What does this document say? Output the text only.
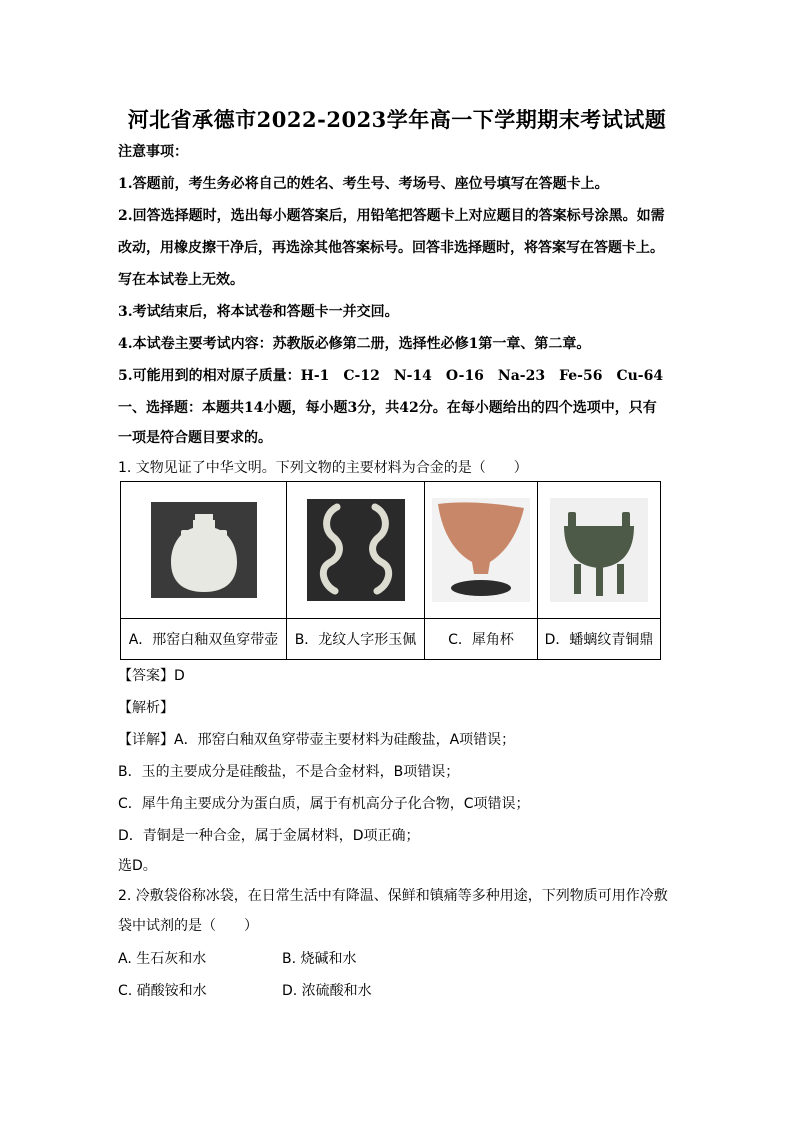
河北省承德市2022-2023学年高一下学期期末考试试题
注意事项：
1.答题前，考生务必将自己的姓名、考生号、考场号、座位号填写在答题卡上。
2.回答选择题时，选出每小题答案后，用铅笔把答题卡上对应题目的答案标号涂黑。如需
改动，用橡皮擦干净后，再选涂其他答案标号。回答非选择题时，将答案写在答题卡上。
写在本试卷上无效。
3.考试结束后，将本试卷和答题卡一并交回。
4.本试卷主要考试内容：苏教版必修第二册，选择性必修1第一章、第二章。
5.可能用到的相对原子质量：H-1　C-12　N-14　O-16　Na-23　Fe-56　Cu-64
一、选择题：本题共14小题，每小题3分，共42分。在每小题给出的四个选项中，只有
一项是符合题目要求的。
1. 文物见证了中华文明。下列文物的主要材料为合金的是（　　）

A．邢窑白釉双鱼穿带壶	B．龙纹人字形玉佩	C．犀角杯	D．蟠螭纹青铜鼎
【答案】D
【解析】
【详解】A．邢窑白釉双鱼穿带壶主要材料为硅酸盐，A项错误；
B．玉的主要成分是硅酸盐，不是合金材料，B项错误；
C．犀牛角主要成分为蛋白质，属于有机高分子化合物，C项错误；
D．青铜是一种合金，属于金属材料，D项正确；
选D。
2. 冷敷袋俗称冰袋，在日常生活中有降温、保鲜和镇痛等多种用途，下列物质可用作冷敷
袋中试剂的是（　　）
A. 生石灰和水	B. 烧碱和水
C. 硝酸铵和水	D. 浓硫酸和水
